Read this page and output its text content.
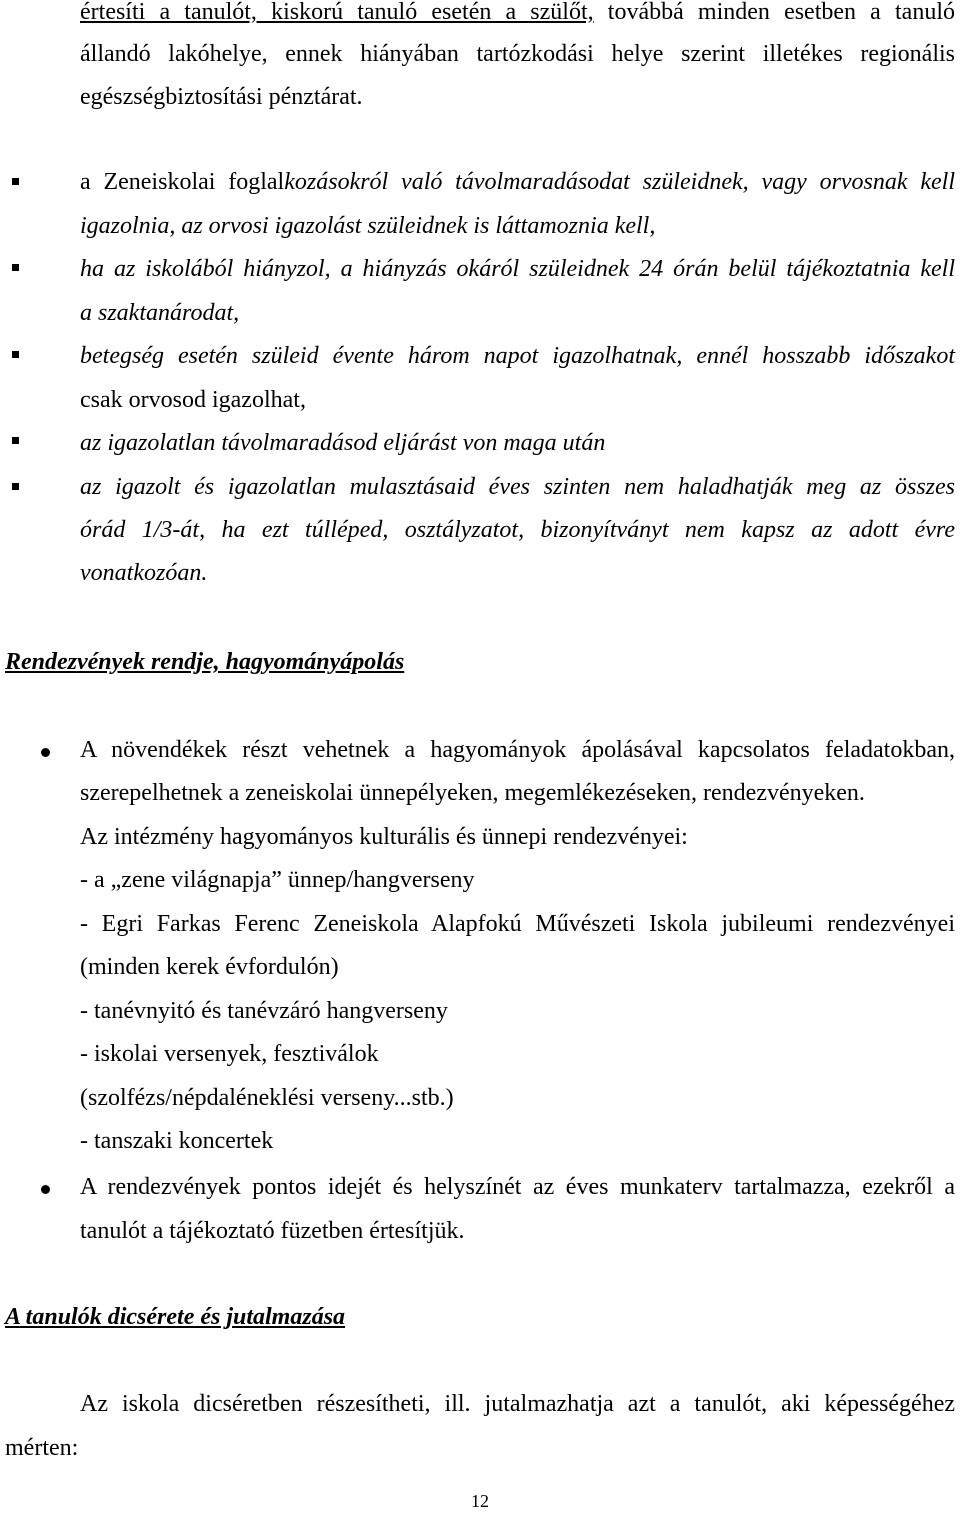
értesíti a tanulót, kiskorú tanuló esetén a szülőt, továbbá minden esetben a tanuló
állandó lakóhelye, ennek hiányában tartózkodási helye szerint illetékes regionális
egészségbiztosítási pénztárat.
a Zeneiskolai foglalkozásokról való távolmaradásodat szüleidnek, vagy orvosnak kell
igazolnia, az orvosi igazolást szüleidnek is láttamoznia kell,
ha az iskolából hiányzol, a hiányzás okáról szüleidnek 24 órán belül tájékoztatnia kell
a szaktanárodat,
betegség esetén szüleid évente három napot igazolhatnak, ennél hosszabb időszakot
csak orvosod igazolhat,
az igazolatlan távolmaradásod eljárást von maga után
az igazolt és igazolatlan mulasztásaid éves szinten nem haladhatják meg az összes
órád 1/3-át, ha ezt túlléped, osztályzatot, bizonyítványt nem kapsz az adott évre
vonatkozóan.
Rendezvények rendje, hagyományápolás
A növendékek részt vehetnek a hagyományok ápolásával kapcsolatos feladatokban,
szerepelhetnek a zeneiskolai ünnepélyeken, megemlékezéseken, rendezvényeken.
Az intézmény hagyományos kulturális és ünnepi rendezvényei:
- a „zene világnapja” ünnep/hangverseny
- Egri Farkas Ferenc Zeneiskola Alapfokú Művészeti Iskola jubileumi rendezvényei
(minden kerek évfordulón)
- tanévnyitó és tanévzáró hangverseny
- iskolai versenyek, fesztiválok
(szolfézs/népdaléneklési verseny...stb.)
- tanszaki koncertek
A rendezvények pontos idejét és helyszínét az éves munkaterv tartalmazza, ezekről a
tanulót a tájékoztató füzetben értesítjük.
A tanulók dicsérete és jutalmazása
Az iskola dicséretben részesítheti, ill. jutalmazhatja azt a tanulót, aki képességéhez
mérten:
12
